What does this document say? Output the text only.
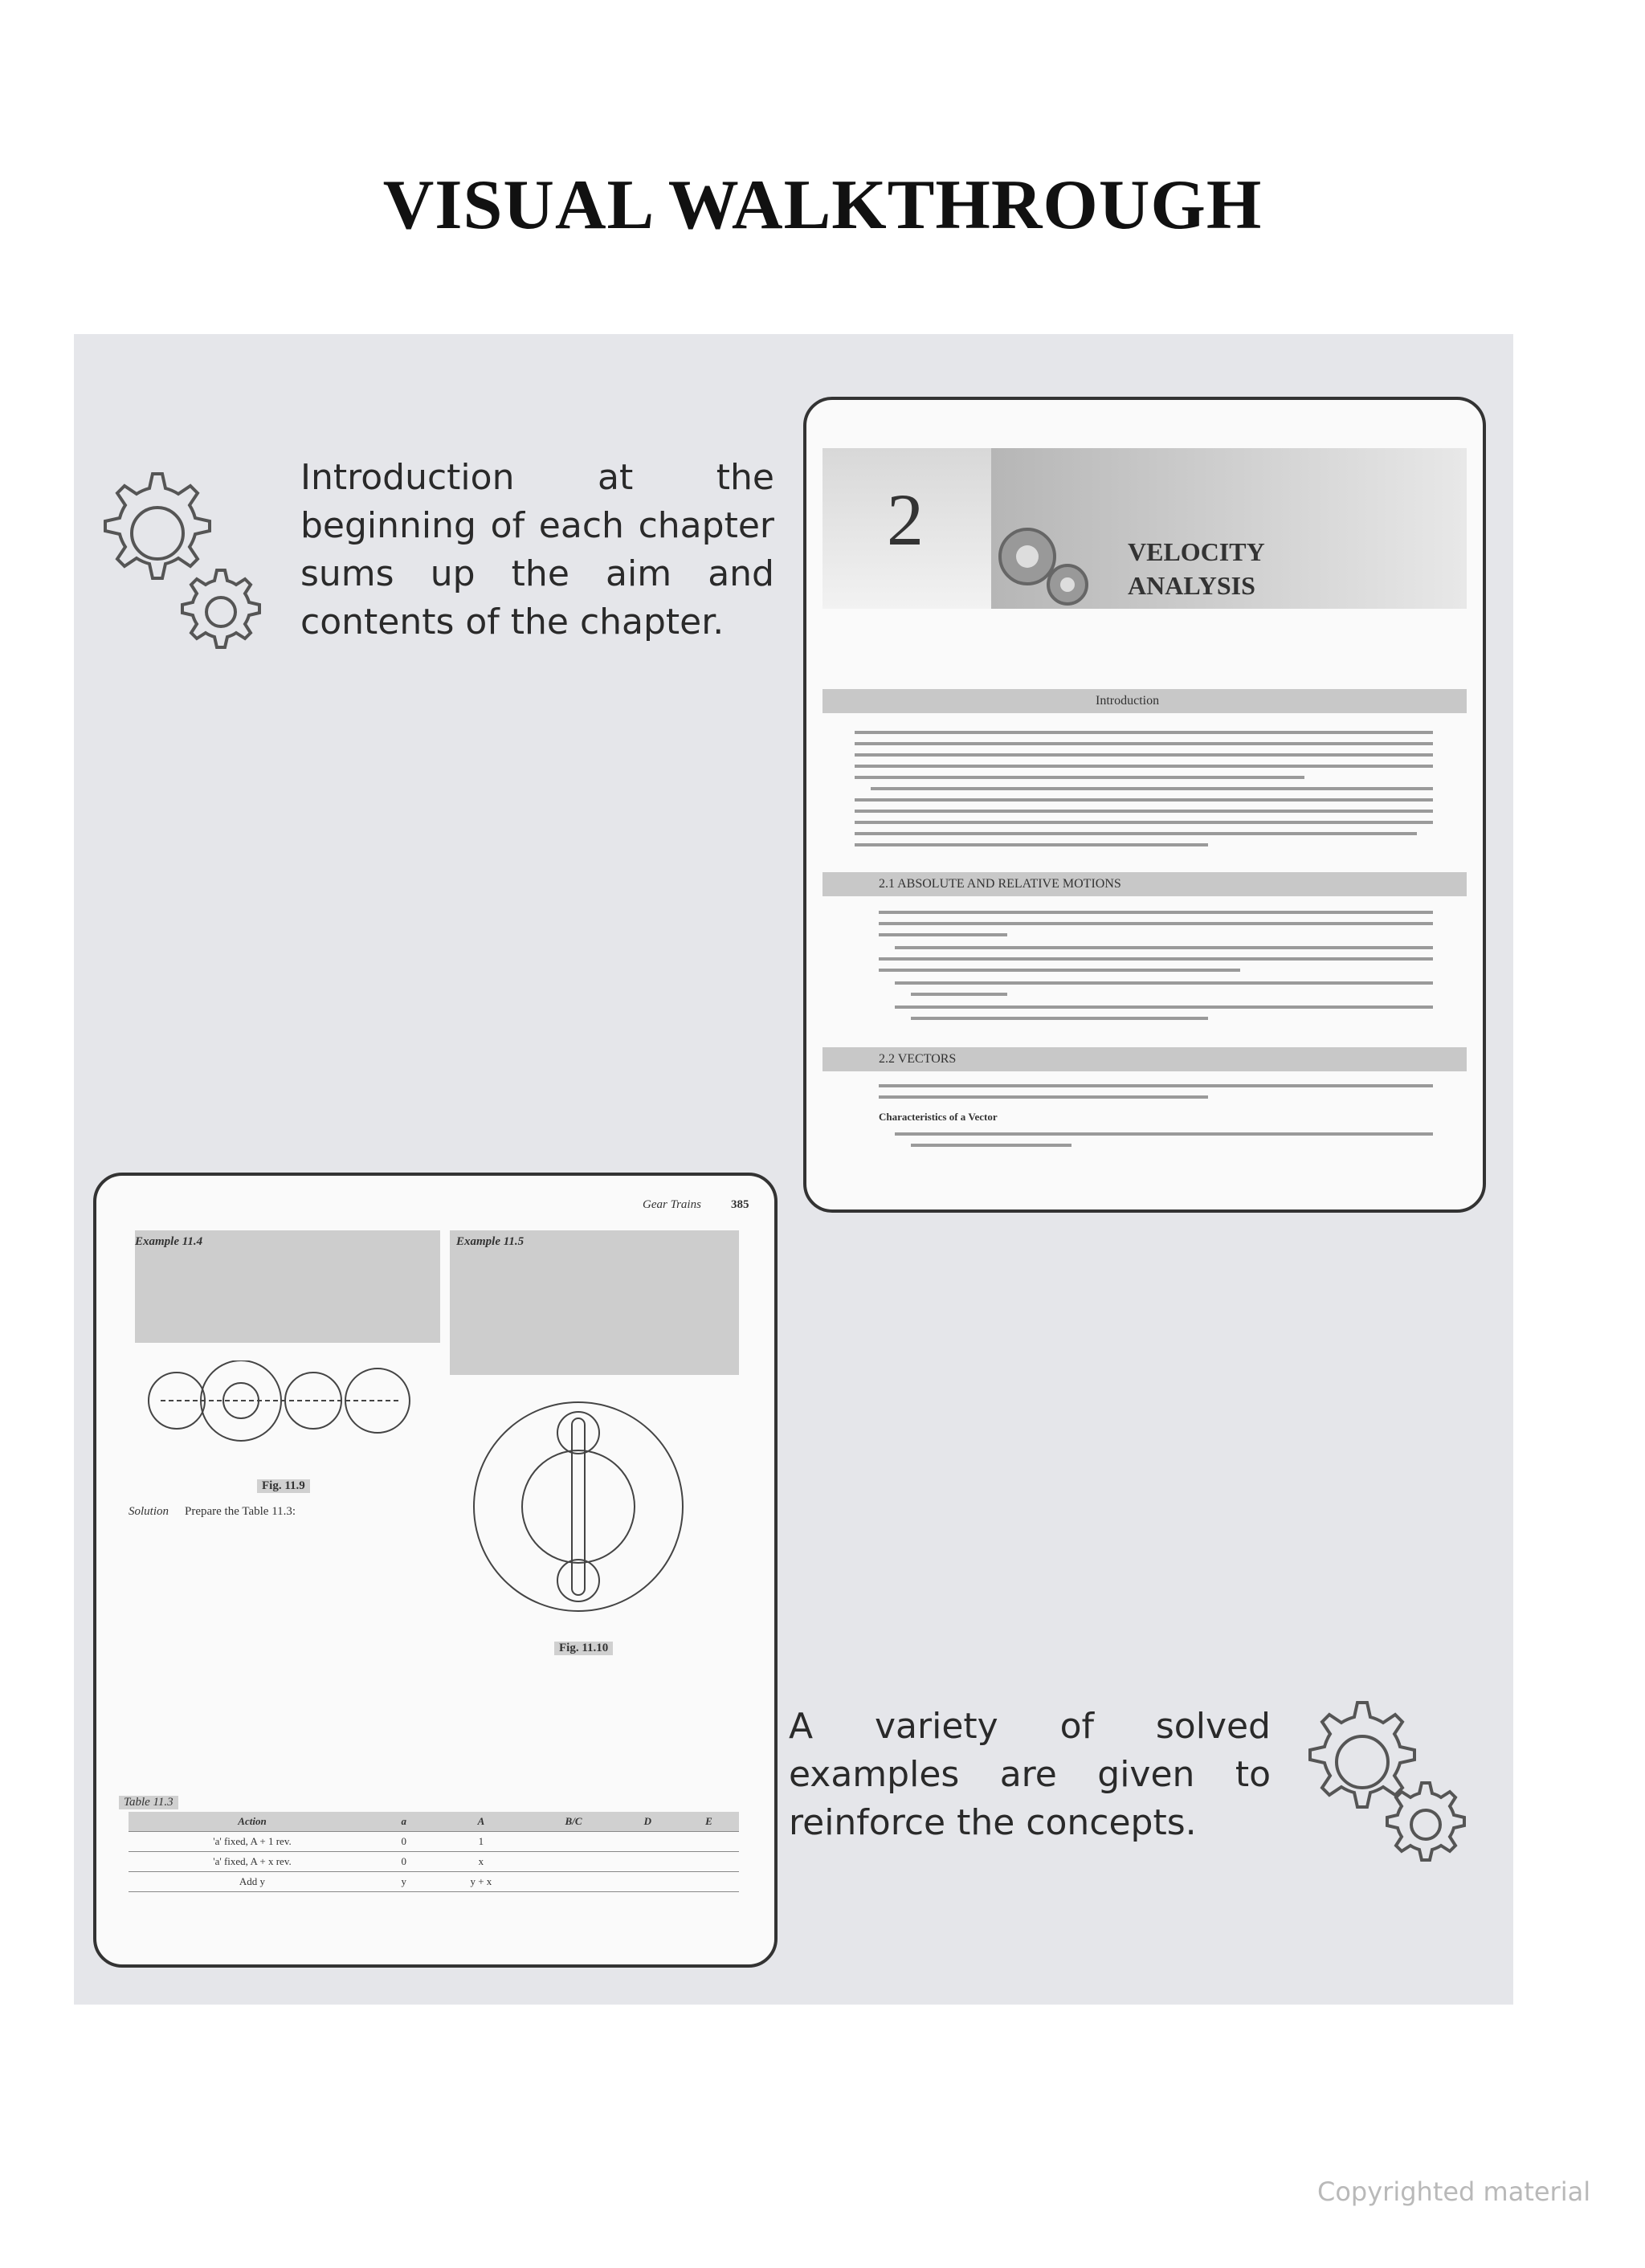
VISUAL WALKTHROUGH
Introduction at the beginning of each chapter sums up the aim and contents of the chapter.
2	VELOCITY ANALYSIS
Introduction
2.1 ABSOLUTE AND RELATIVE MOTIONS
2.2 VECTORS
Characteristics of a Vector
Gear Trains 385
Example 11.4	Example 11.5
Fig. 11.9
Solution Prepare the Table 11.3:
Fig. 11.10
Table 11.3
Action	a	A	B/C	D	E
'a' fixed, A + 1 rev.	0	1			
'a' fixed, A + x rev.	0	x			
Add y	y	y + x			
A variety of solved examples are given to reinforce the concepts.
Copyrighted material
